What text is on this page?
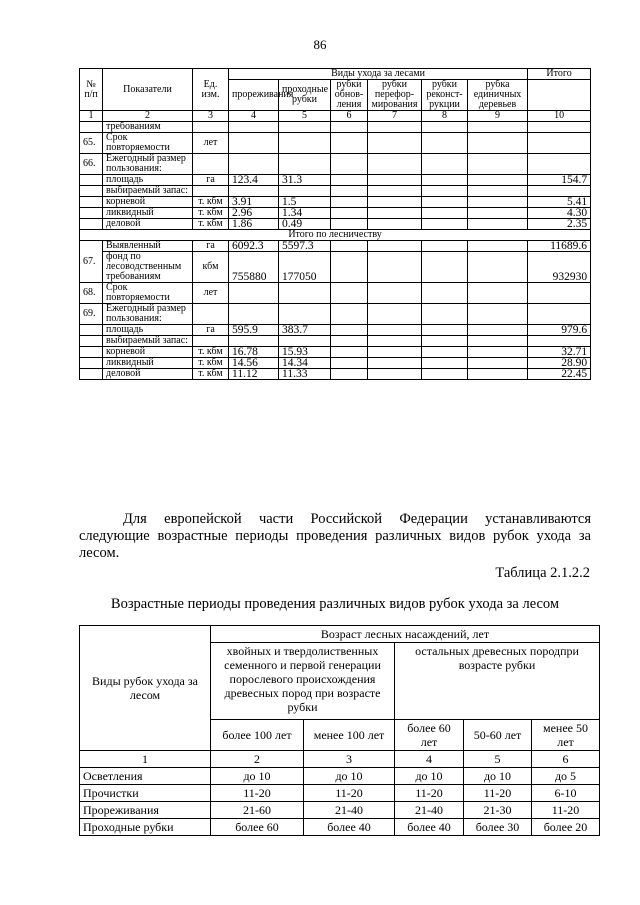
86
№ п/п	Показатели	Ед. изм.	Виды ухода за лесами						Итого
			прореживания	проходные рубки	рубки обнов-ления	рубки перефор-мирования	рубки реконст-рукции	рубка единичных деревьев	
1	2	3	4	5	6	7	8	9	10
	требованиям								
65.	Срок повторяемости	лет							
66.	Ежегодный размер пользования:								
	площадь	га	123.4	31.3					154.7
	выбираемый запас:								
	корневой	т. кбм	3.91	1.5					5.41
	ликвидный	т. кбм	2.96	1.34					4.30
	деловой	т. кбм	1.86	0.49					2.35
Итого по лесничеству									
67.	Выявленный	га	6092.3	5597.3					11689.6
	фонд по лесоводственным требованиям	кбм	755880	177050					932930
68.	Срок повторяемости	лет							
69.	Ежегодный размер пользования:								
	площадь	га	595.9	383.7					979.6
	выбираемый запас:								
	корневой	т. кбм	16.78	15.93					32.71
	ликвидный	т. кбм	14.56	14.34					28.90
	деловой	т. кбм	11.12	11.33					22.45
Для европейской части Российской Федерации устанавливаются следующие возрастные периоды проведения различных видов рубок ухода за лесом.
Таблица 2.1.2.2
Возрастные периоды проведения различных видов рубок ухода за лесом
Виды рубок ухода за лесом	Возраст лесных насаждений, лет				
	хвойных и твердолиственных семенного и первой генерации порослевого происхождения древесных пород при возрасте рубки		остальных древесных породпри возрасте рубки		
	более 100 лет	менее 100 лет	более 60 лет	50-60 лет	менее 50 лет
1	2	3	4	5	6
Осветления	до 10	до 10	до 10	до 10	до 5
Прочистки	11-20	11-20	11-20	11-20	6-10
Прореживания	21-60	21-40	21-40	21-30	11-20
Проходные рубки	более 60	более 40	более 40	более 30	более 20
